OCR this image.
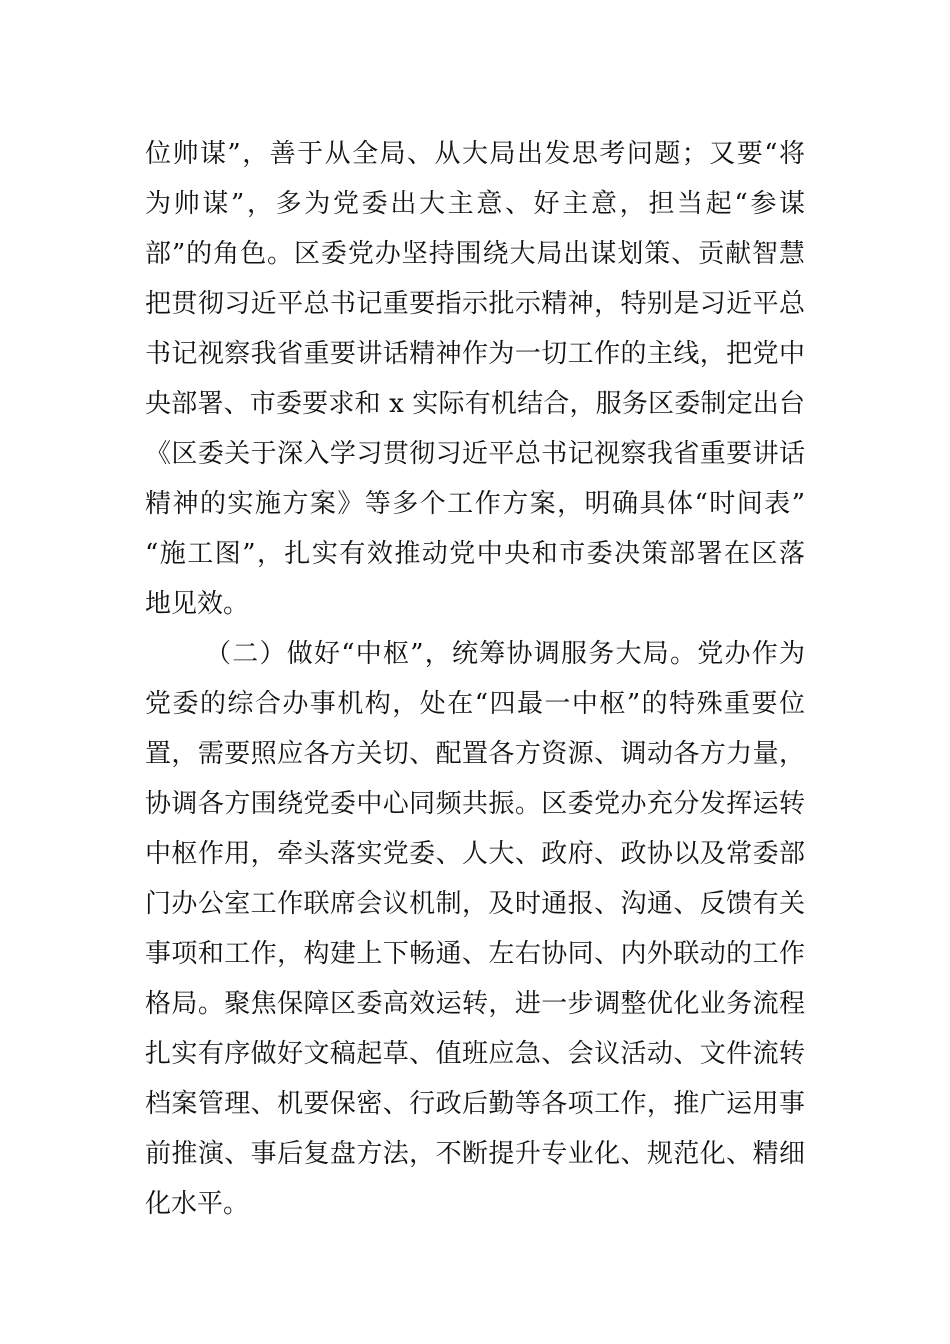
位帅谋”，善于从全局、从大局出发思考问题；又要“将
为帅谋”，多为党委出大主意、好主意，担当起“参谋
部”的角色。区委党办坚持围绕大局出谋划策、贡献智慧
把贯彻习近平总书记重要指示批示精神，特别是习近平总
书记视察我省重要讲话精神作为一切工作的主线，把党中
央部署、市委要求和 x 实际有机结合，服务区委制定出台
《区委关于深入学习贯彻习近平总书记视察我省重要讲话
精神的实施方案》等多个工作方案，明确具体“时间表”
“施工图”，扎实有效推动党中央和市委决策部署在区落
地见效。
（二）做好“中枢”，统筹协调服务大局。党办作为
党委的综合办事机构，处在“四最一中枢”的特殊重要位
置，需要照应各方关切、配置各方资源、调动各方力量，
协调各方围绕党委中心同频共振。区委党办充分发挥运转
中枢作用，牵头落实党委、人大、政府、政协以及常委部
门办公室工作联席会议机制，及时通报、沟通、反馈有关
事项和工作，构建上下畅通、左右协同、内外联动的工作
格局。聚焦保障区委高效运转，进一步调整优化业务流程
扎实有序做好文稿起草、值班应急、会议活动、文件流转
档案管理、机要保密、行政后勤等各项工作，推广运用事
前推演、事后复盘方法，不断提升专业化、规范化、精细
化水平。
